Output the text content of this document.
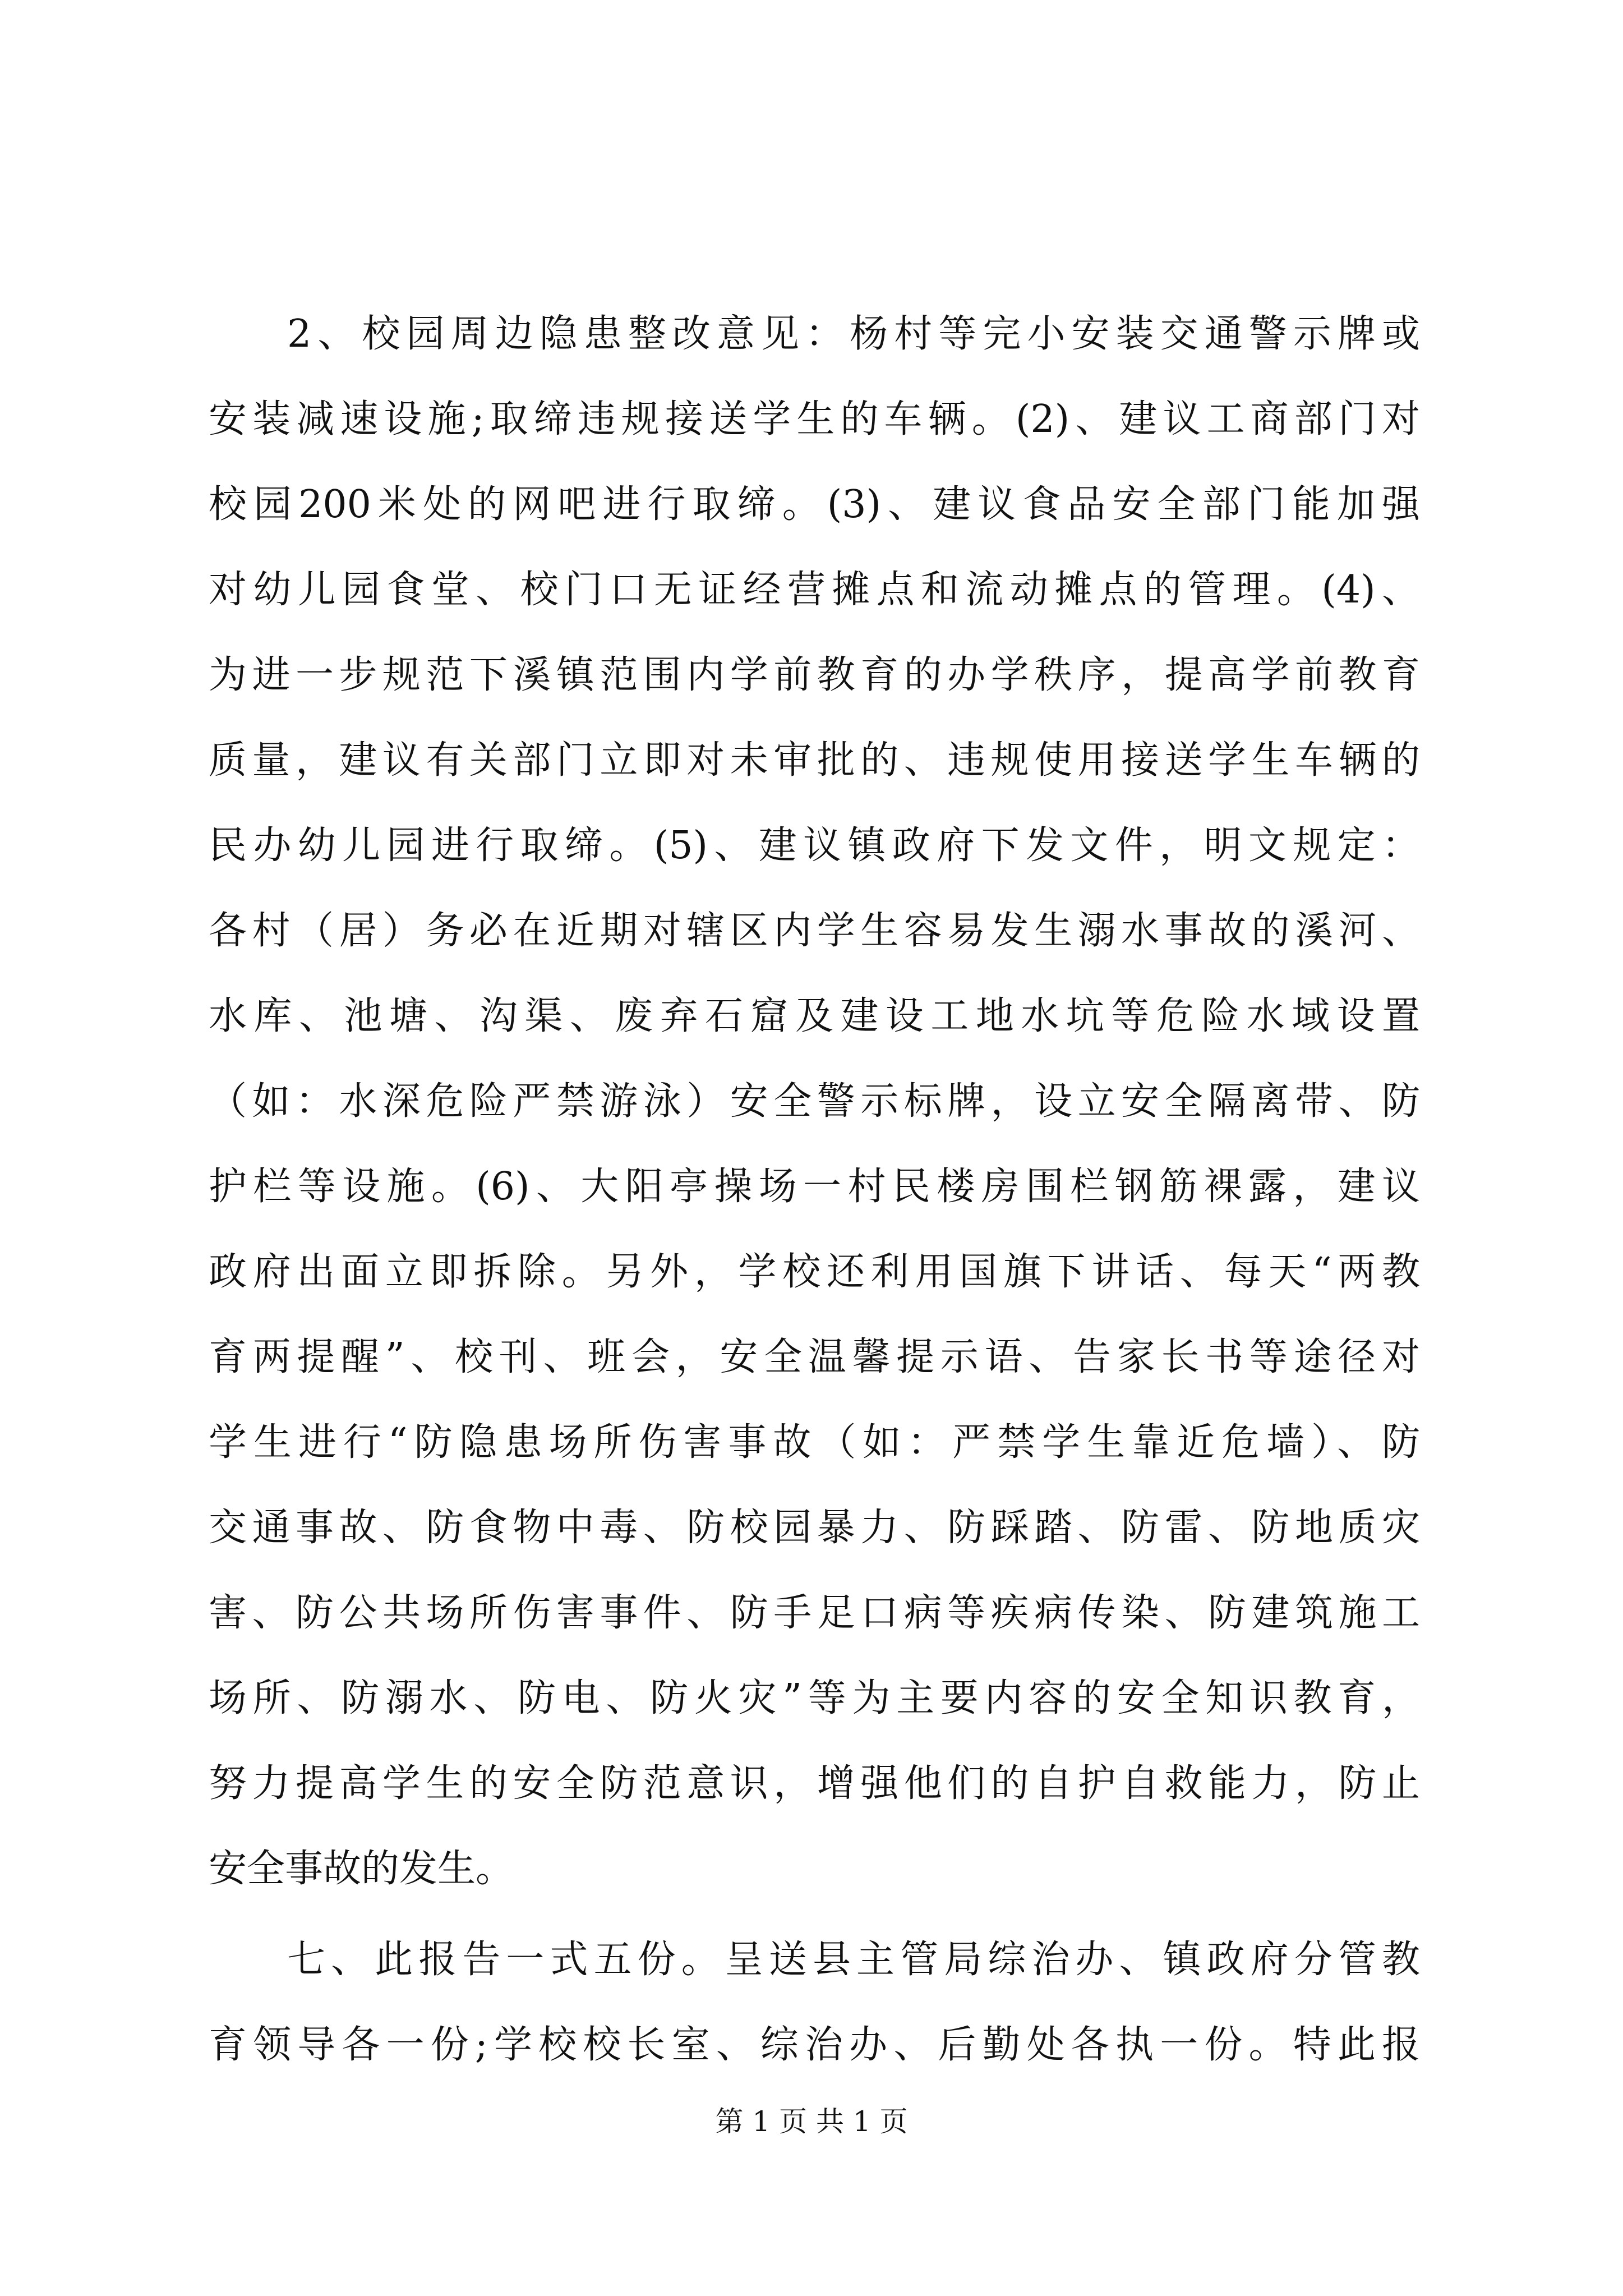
2、校园周边隐患整改意见：杨村等完小安装交通警示牌或
安装减速设施;取缔违规接送学生的车辆。(2)、建议工商部门对
校园200米处的网吧进行取缔。(3)、建议食品安全部门能加强
对幼儿园食堂、校门口无证经营摊点和流动摊点的管理。(4)、
为进一步规范下溪镇范围内学前教育的办学秩序，提高学前教育
质量，建议有关部门立即对未审批的、违规使用接送学生车辆的
民办幼儿园进行取缔。(5)、建议镇政府下发文件，明文规定：
各村（居）务必在近期对辖区内学生容易发生溺水事故的溪河、
水库、池塘、沟渠、废弃石窟及建设工地水坑等危险水域设置
（如：水深危险严禁游泳）安全警示标牌，设立安全隔离带、防
护栏等设施。(6)、大阳亭操场一村民楼房围栏钢筋裸露，建议
政府出面立即拆除。另外，学校还利用国旗下讲话、每天“两教
育两提醒”、校刊、班会，安全温馨提示语、告家长书等途径对
学生进行“防隐患场所伤害事故（如：严禁学生靠近危墙）、防
交通事故、防食物中毒、防校园暴力、防踩踏、防雷、防地质灾
害、防公共场所伤害事件、防手足口病等疾病传染、防建筑施工
场所、防溺水、防电、防火灾”等为主要内容的安全知识教育，
努力提高学生的安全防范意识，增强他们的自护自救能力，防止
安全事故的发生。
七、此报告一式五份。呈送县主管局综治办、镇政府分管教
育领导各一份;学校校长室、综治办、后勤处各执一份。特此报
第 1 页 共 1 页
